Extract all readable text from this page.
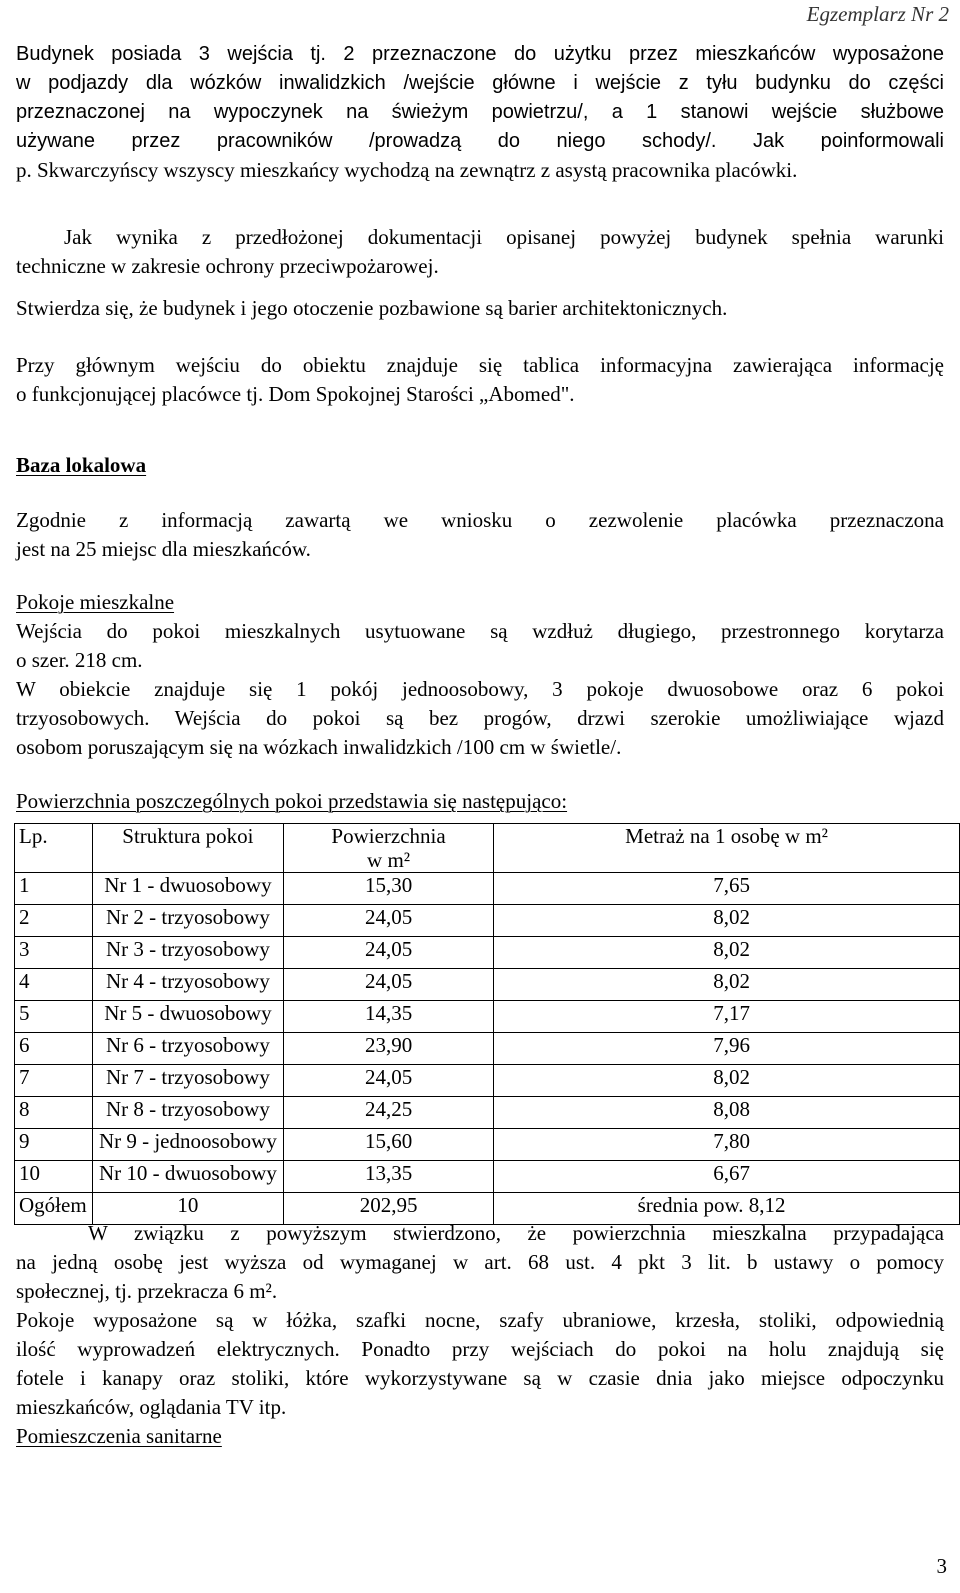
Egzemplarz Nr 2
Budynek posiada 3 wejścia tj. 2 przeznaczone do użytku przez mieszkańców wyposażone
w podjazdy dla wózków inwalidzkich /wejście główne i wejście z tyłu budynku do części
przeznaczonej na wypoczynek na świeżym powietrzu/, a 1 stanowi wejście służbowe
używane przez pracowników /prowadzą do niego schody/. Jak poinformowali
p. Skwarczyńscy wszyscy mieszkańcy wychodzą na zewnątrz z asystą pracownika placówki.
Jak wynika z przedłożonej dokumentacji opisanej powyżej budynek spełnia warunki
techniczne w zakresie ochrony przeciwpożarowej.
Stwierdza się, że budynek i jego otoczenie pozbawione są barier architektonicznych.
Przy głównym wejściu do obiektu znajduje się tablica informacyjna zawierająca informację
o funkcjonującej placówce tj. Dom Spokojnej Starości „Abomed".
Baza lokalowa
Zgodnie z informacją zawartą we wniosku o zezwolenie placówka przeznaczona
jest na 25 miejsc dla mieszkańców.
Pokoje mieszkalne
Wejścia do pokoi mieszkalnych usytuowane są wzdłuż długiego, przestronnego korytarza
o szer. 218 cm.
W obiekcie znajduje się 1 pokój jednoosobowy, 3 pokoje dwuosobowe oraz 6 pokoi
trzyosobowych. Wejścia do pokoi są bez progów, drzwi szerokie umożliwiające wjazd
osobom poruszającym się na wózkach inwalidzkich /100 cm w świetle/.
Powierzchnia poszczególnych pokoi przedstawia się następująco:
Lp.	Struktura pokoi	Powierzchnia
w m²	Metraż na 1 osobę w m²
1	Nr 1 - dwuosobowy	15,30	7,65
2	Nr 2 - trzyosobowy	24,05	8,02
3	Nr 3 - trzyosobowy	24,05	8,02
4	Nr 4 - trzyosobowy	24,05	8,02
5	Nr 5 - dwuosobowy	14,35	7,17
6	Nr 6 - trzyosobowy	23,90	7,96
7	Nr 7 - trzyosobowy	24,05	8,02
8	Nr 8 - trzyosobowy	24,25	8,08
9	Nr 9 - jednoosobowy	15,60	7,80
10	Nr 10 - dwuosobowy	13,35	6,67
Ogółem	10	202,95	średnia pow. 8,12
W związku z powyższym stwierdzono, że powierzchnia mieszkalna przypadająca
na jedną osobę jest wyższa od wymaganej w art. 68 ust. 4 pkt 3 lit. b ustawy o pomocy
społecznej, tj. przekracza 6 m².
Pokoje wyposażone są w łóżka, szafki nocne, szafy ubraniowe, krzesła, stoliki, odpowiednią
ilość wyprowadzeń elektrycznych. Ponadto przy wejściach do pokoi na holu znajdują się
fotele i kanapy oraz stoliki, które wykorzystywane są w czasie dnia jako miejsce odpoczynku
mieszkańców, oglądania TV itp.
Pomieszczenia sanitarne
3
